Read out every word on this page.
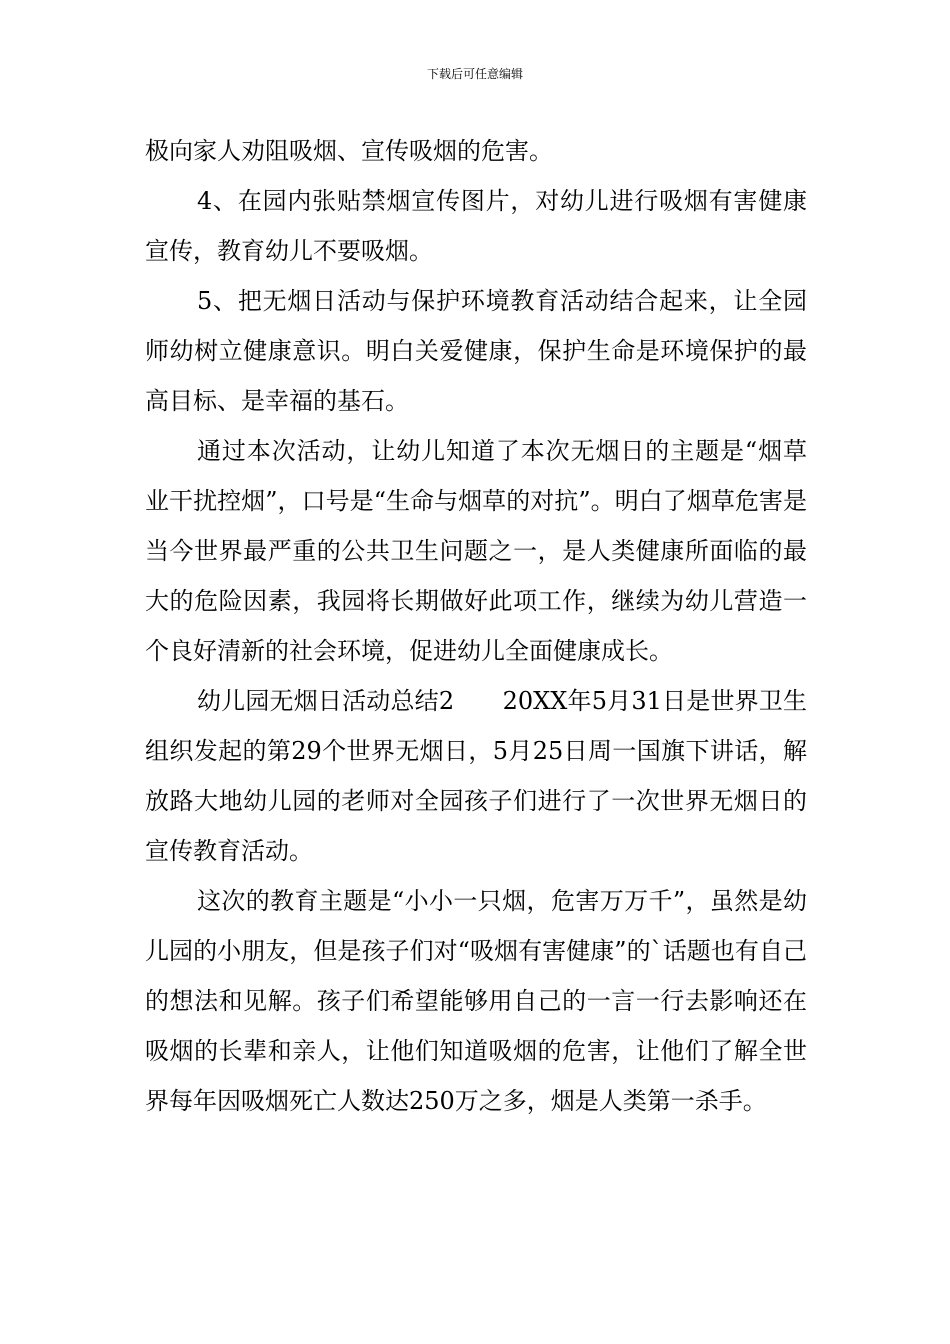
下载后可任意编辑

极向家人劝阻吸烟、宣传吸烟的危害。

4、在园内张贴禁烟宣传图片，对幼儿进行吸烟有害健康宣传，教育幼儿不要吸烟。

5、把无烟日活动与保护环境教育活动结合起来，让全园师幼树立健康意识。明白关爱健康，保护生命是环境保护的最高目标、是幸福的基石。

通过本次活动，让幼儿知道了本次无烟日的主题是“烟草业干扰控烟”，口号是“生命与烟草的对抗”。明白了烟草危害是当今世界最严重的公共卫生问题之一，是人类健康所面临的最大的危险因素，我园将长期做好此项工作，继续为幼儿营造一个良好清新的社会环境，促进幼儿全面健康成长。

幼儿园无烟日活动总结2　　20XX年5月31日是世界卫生组织发起的第29个世界无烟日，5月25日周一国旗下讲话，解放路大地幼儿园的老师对全园孩子们进行了一次世界无烟日的宣传教育活动。

这次的教育主题是“小小一只烟，危害万万千”，虽然是幼儿园的小朋友，但是孩子们对“吸烟有害健康”的`话题也有自己的想法和见解。孩子们希望能够用自己的一言一行去影响还在吸烟的长辈和亲人，让他们知道吸烟的危害，让他们了解全世界每年因吸烟死亡人数达250万之多，烟是人类第一杀手。
